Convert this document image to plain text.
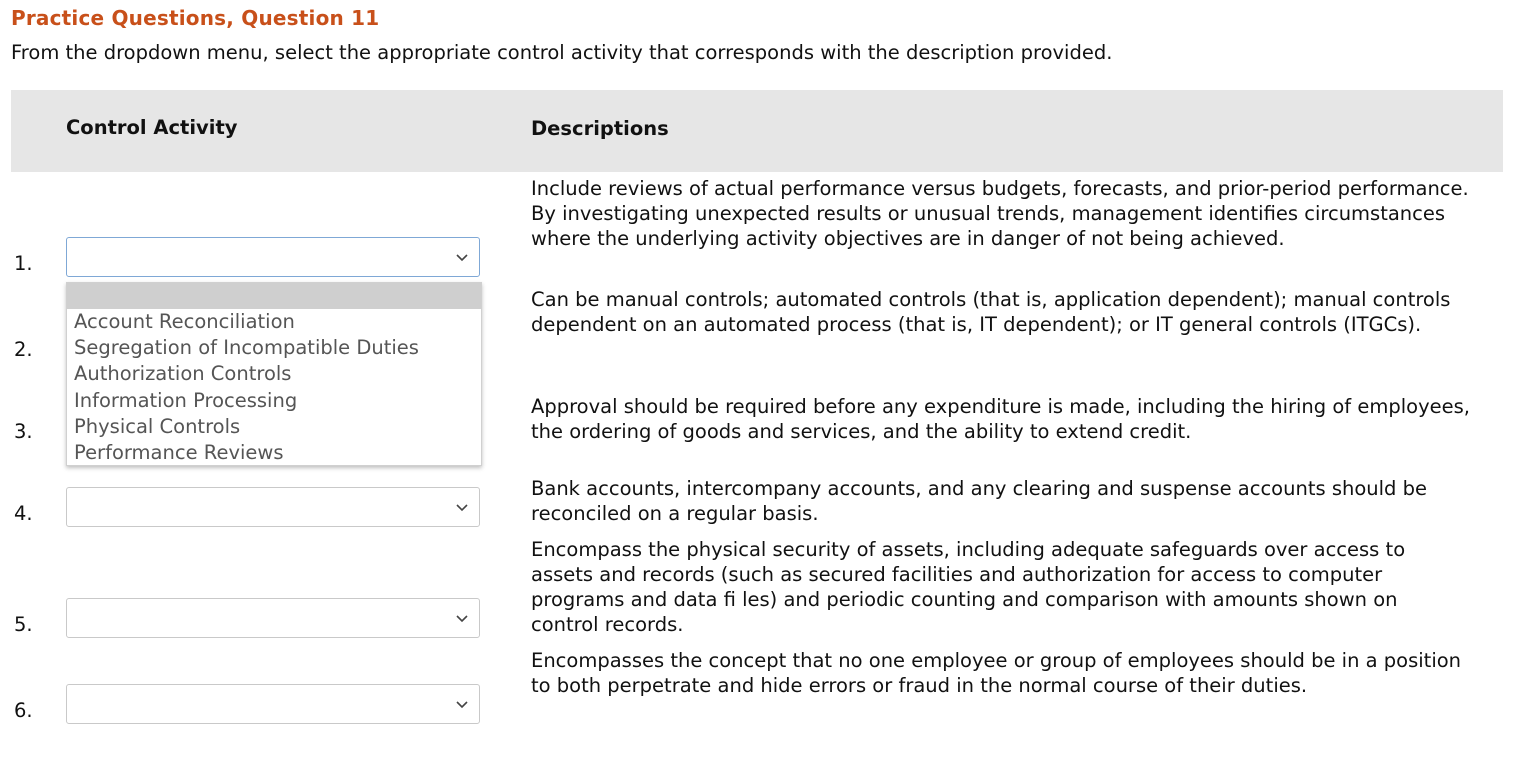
Practice Questions, Question 11
From the dropdown menu, select the appropriate control activity that corresponds with the description provided.
Control Activity	Descriptions
1.
Include reviews of actual performance versus budgets, forecasts, and prior-period performance. By investigating unexpected results or unusual trends, management identifies circumstances where the underlying activity objectives are in danger of not being achieved.
2.
Can be manual controls; automated controls (that is, application dependent); manual controls dependent on an automated process (that is, IT dependent); or IT general controls (ITGCs).
3.
Approval should be required before any expenditure is made, including the hiring of employees, the ordering of goods and services, and the ability to extend credit.
4.
Bank accounts, intercompany accounts, and any clearing and suspense accounts should be reconciled on a regular basis.
5.
Encompass the physical security of assets, including adequate safeguards over access to assets and records (such as secured facilities and authorization for access to computer programs and data fi les) and periodic counting and comparison with amounts shown on control records.
6.
Encompasses the concept that no one employee or group of employees should be in a position to both perpetrate and hide errors or fraud in the normal course of their duties.
Account Reconciliation
Segregation of Incompatible Duties
Authorization Controls
Information Processing
Physical Controls
Performance Reviews
